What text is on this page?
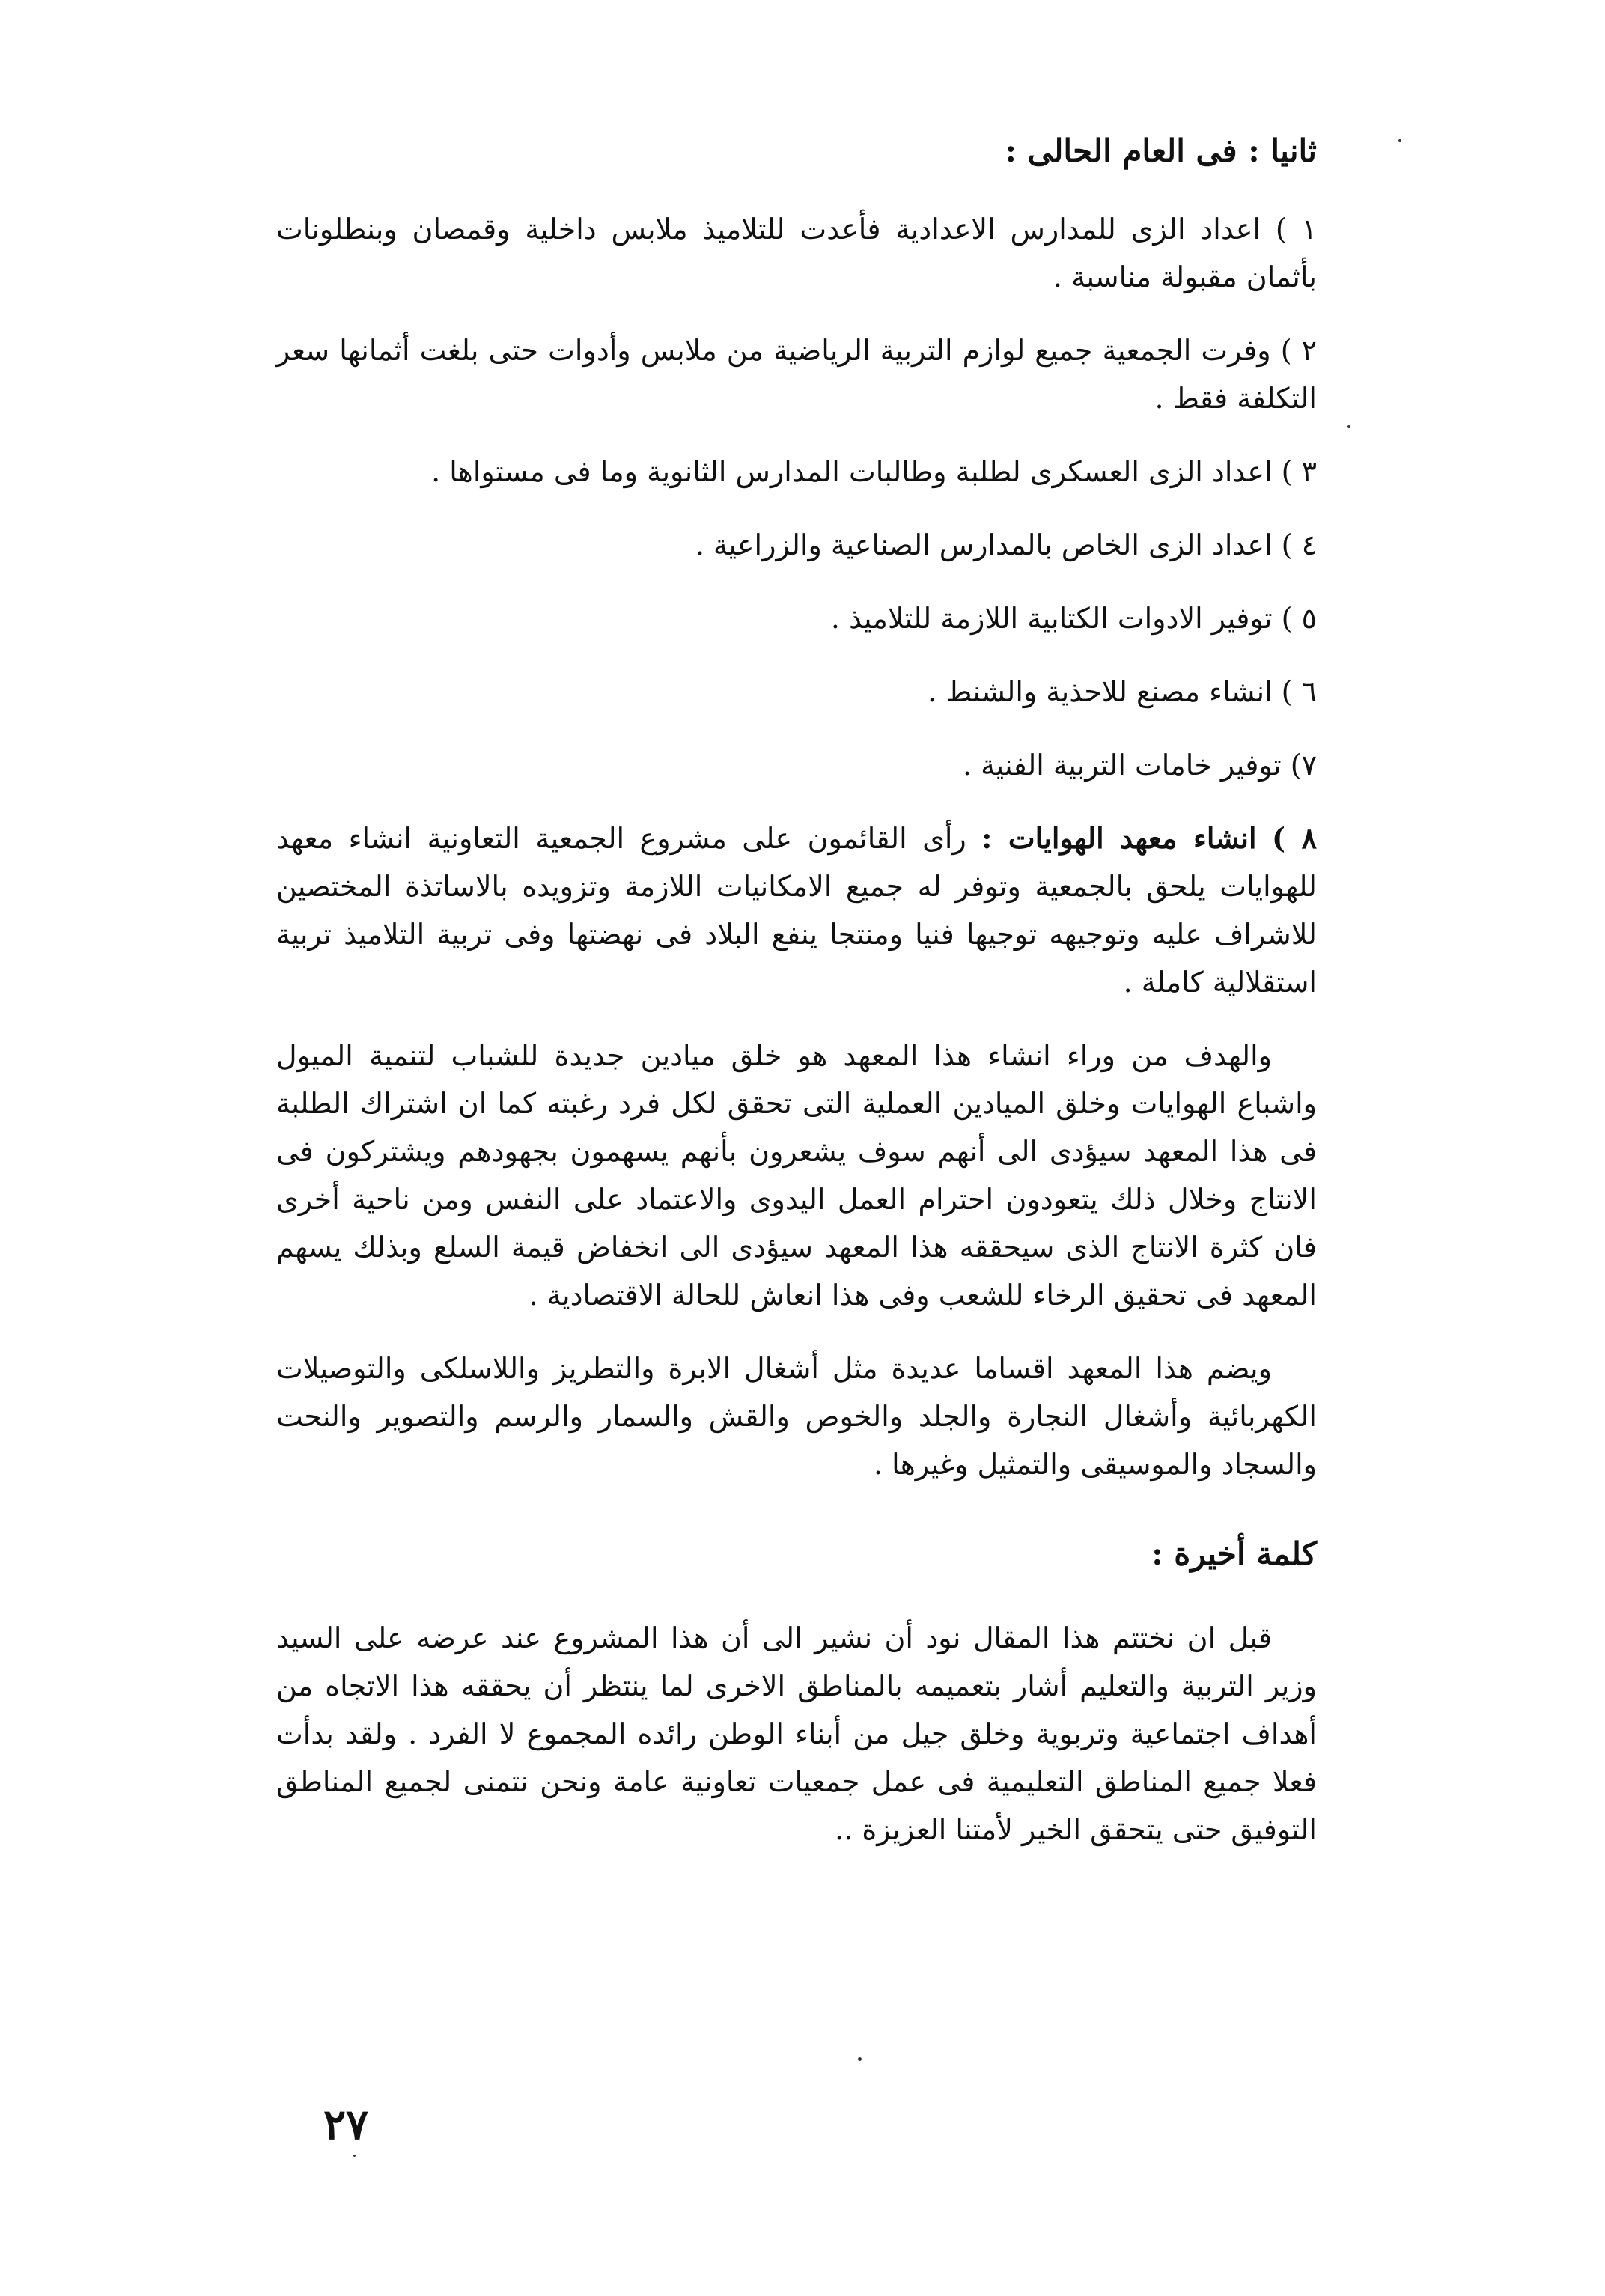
ثانيا : فى العام الحالى :
١ ) اعداد الزى للمدارس الاعدادية فأعدت للتلاميذ ملابس داخلية وقمصان وبنطلونات بأثمان مقبولة مناسبة .
٢ ) وفرت الجمعية جميع لوازم التربية الرياضية من ملابس وأدوات حتى بلغت أثمانها سعر التكلفة فقط .
٣ ) اعداد الزى العسكرى لطلبة وطالبات المدارس الثانوية وما فى مستواها .
٤ ) اعداد الزى الخاص بالمدارس الصناعية والزراعية .
٥ ) توفير الادوات الكتابية اللازمة للتلاميذ .
٦ ) انشاء مصنع للاحذية والشنط .
٧) توفير خامات التربية الفنية .
٨ ) انشاء معهد الهوايات : رأى القائمون على مشروع الجمعية التعاونية انشاء معهد للهوايات يلحق بالجمعية وتوفر له جميع الامكانيات اللازمة وتزويده بالاساتذة المختصين للاشراف عليه وتوجيهه توجيها فنيا ومنتجا ينفع البلاد فى نهضتها وفى تربية التلاميذ تربية استقلالية كاملة .

والهدف من وراء انشاء هذا المعهد هو خلق ميادين جديدة للشباب لتنمية الميول واشباع الهوايات وخلق الميادين العملية التى تحقق لكل فرد رغبته كما ان اشتراك الطلبة فى هذا المعهد سيؤدى الى أنهم سوف يشعرون بأنهم يسهمون بجهودهم ويشتركون فى الانتاج وخلال ذلك يتعودون احترام العمل اليدوى والاعتماد على النفس ومن ناحية أخرى فان كثرة الانتاج الذى سيحققه هذا المعهد سيؤدى الى انخفاض قيمة السلع وبذلك يسهم المعهد فى تحقيق الرخاء للشعب وفى هذا انعاش للحالة الاقتصادية .

ويضم هذا المعهد اقساما عديدة مثل أشغال الابرة والتطريز واللاسلكى والتوصيلات الكهربائية وأشغال النجارة والجلد والخوص والقش والسمار والرسم والتصوير والنحت والسجاد والموسيقى والتمثيل وغيرها .

كلمة أخيرة :

قبل ان نختتم هذا المقال نود أن نشير الى أن هذا المشروع عند عرضه على السيد وزير التربية والتعليم أشار بتعميمه بالمناطق الاخرى لما ينتظر أن يحققه هذا الاتجاه من أهداف اجتماعية وتربوية وخلق جيل من أبناء الوطن رائده المجموع لا الفرد . ولقد بدأت فعلا جميع المناطق التعليمية فى عمل جمعيات تعاونية عامة ونحن نتمنى لجميع المناطق التوفيق حتى يتحقق الخير لأمتنا العزيزة ..

٢٧
